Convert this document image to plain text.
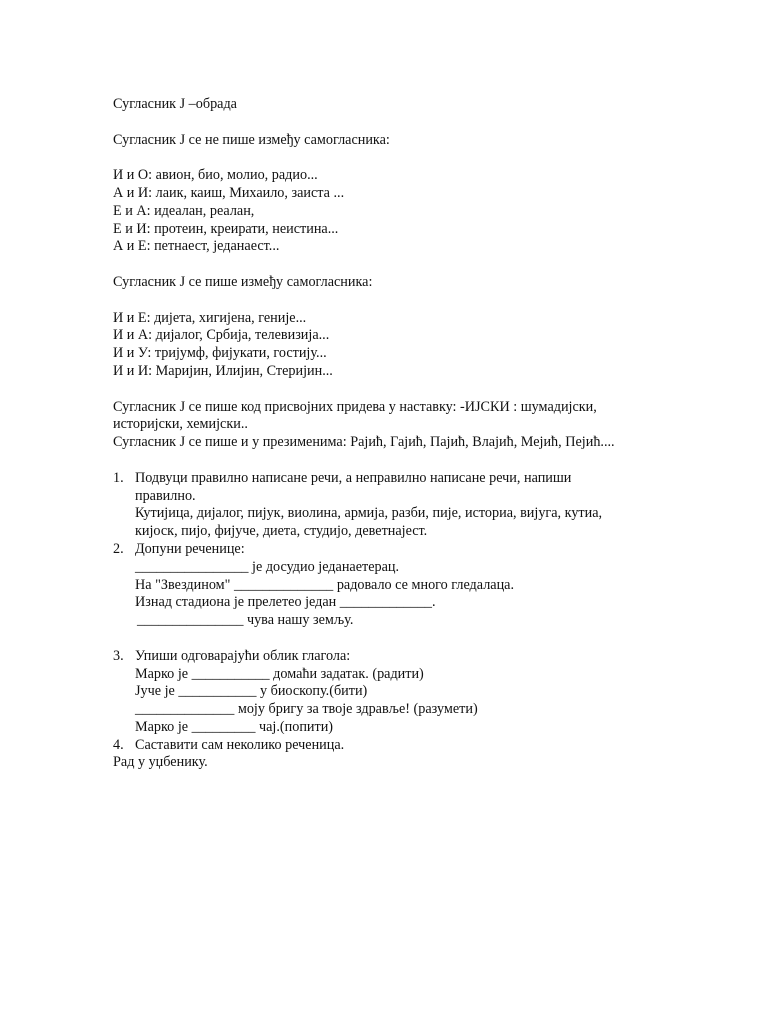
Сугласник Ј –обрада
Сугласник Ј се не пише између самогласника:
И и О: авион, био, молио, радио...
А и И: лаик, каиш, Михаило, заиста ...
Е и А: идеалан, реалан,
Е и И: протеин, креирати, неистина...
А и Е: петнаест, једанаест...
Сугласник Ј се пише између самогласника:
И и Е: дијета, хигијена, геније...
И и А: дијалог, Србија, телевизија...
И и У: тријумф, фијукати, гостију...
И и И: Маријин, Илијин, Стеријин...
Сугласник Ј се пише код присвојних придева у наставку: -ИЈСКИ : шумадијски,
историјски, хемијски..
Сугласник Ј се пише и у презименима: Рајић, Гајић, Пајић, Влајић, Мејић, Пејић....
1. Подвуци правилно написане речи, а неправилно написане речи, напиши правилно.
Кутијица, дијалог, пијук, виолина, армија, разби, пије, историа, вијуга, кутиа,
кијоск, пијо, фијуче, диета, студијо, деветнајест.
2. Допуни реченице:
________________ је досудио једанаетерац.
На "Звездином" ______________ радовало се много гледалаца.
Изнад стадиона је прелетео један _____________.
_______________ чува нашу земљу.
3. Упиши одговарајући облик глагола:
Марко је ___________ домаћи задатак. (радити)
Јуче је ___________ у биоскопу.(бити)
______________ моју бригу за твоје здравље! (разумети)
Марко је _________ чај.(попити)
4. Саставити сам неколико реченица.
Рад у уџбенику.
